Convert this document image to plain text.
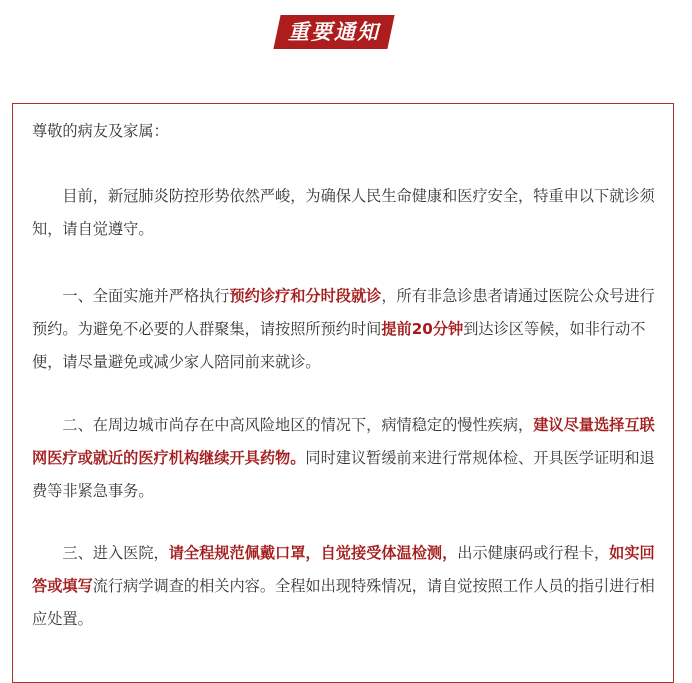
重要通知

尊敬的病友及家属：

　　目前，新冠肺炎防控形势依然严峻，为确保人民生命健康和医疗安全，特重申以下就诊须知，请自觉遵守。

　　一、全面实施并严格执行预约诊疗和分时段就诊，所有非急诊患者请通过医院公众号进行预约。为避免不必要的人群聚集，请按照所预约时间提前20分钟到达诊区等候，如非行动不便，请尽量避免或减少家人陪同前来就诊。

　　二、在周边城市尚存在中高风险地区的情况下，病情稳定的慢性疾病，建议尽量选择互联网医疗或就近的医疗机构继续开具药物。同时建议暂缓前来进行常规体检、开具医学证明和退费等非紧急事务。

　　三、进入医院，请全程规范佩戴口罩，自觉接受体温检测，出示健康码或行程卡，如实回答或填写流行病学调查的相关内容。全程如出现特殊情况，请自觉按照工作人员的指引进行相应处置。
